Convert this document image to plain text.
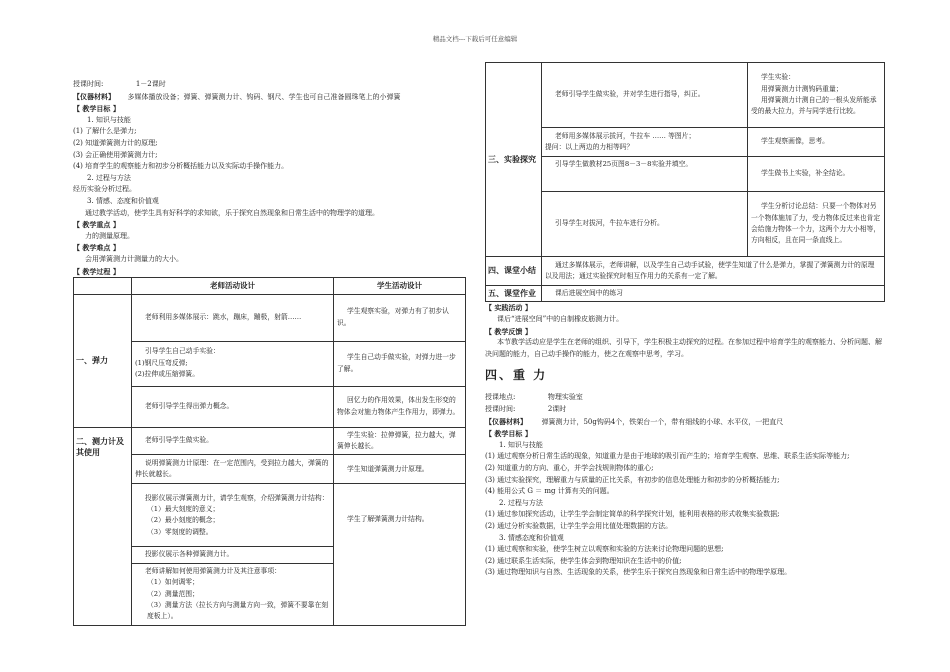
精品文档---下载后可任意编辑
授课时间:	1－2课时
【仪器材料】 多媒体播放设备；弹簧、弹簧测力计、钩码、钢尺、学生也可自己准备圆珠笔上的小弹簧
【 教学目标 】
1. 知识与技能
(1) 了解什么是弹力;
(2) 知道弹簧测力计的原理;
(3) 会正确使用弹簧测力计;
(4) 培育学生的观察能力和初步分析概括能力以及实际动手操作能力。
2. 过程与方法
经历实验分析过程。
3. 情感、态度和价值观
通过教学活动，使学生具有好科学的求知欲，乐于探究自然现象和日常生活中的物理学的道理。
【 教学重点 】
力的测量原理。
【 教学难点 】
会用弹簧测力计测量力的大小。
【 教学过程 】
	老师活动设计	学生活动设计
一、弹力	老师利用多媒体展示：跳水，蹦床，蹦极，射箭……	学生观察实验，对弹力有了初步认识。

	引导学生自己动手实验：
(1)钢尺压弯反弹;
(2)拉伸或压缩弹簧。	学生自己动手做实验，对弹力进一步了解。
	老师引导学生得出弹力概念。	回忆力的作用效果，体出发生形变的物体会对施力物体产生作用力，即弹力。
二、测力计及其使用	老师引导学生做实验。	学生实验：拉伸弹簧，拉力越大，弹簧伸长越长。
	说明弹簧测力计原理：在一定范围内，受到拉力越大，弹簧的伸长就越长。	学生知道弹簧测力计原理。

	投影仪展示弹簧测力计，请学生观察，介绍弹簧测力计结构：
（1）最大刻度的意义；
（2）最小刻度的概念；
（3）零刻度的调整。	学生了解弹簧测力计结构。
	投影仪展示各种弹簧测力计。	

	老师讲解如何使用弹簧测力计及其注意事项：
（1）如何调零；
（2）测量范围；
（3）测量方法（拉长方向与测量方向一致，弹簧不要靠在刻度板上）。	
三、实验探究	老师引导学生做实验，并对学生进行指导，纠正。	学生实验：
用弹簧测力计测钩码重量；
用弹簧测力计测自己的一根头发所能承受的最大拉力，并与同学进行比较。

	老师用多媒体展示拔河，牛拉车 …… 等图片；
提问：以上两边的力相等吗？	学生观察画像，思考。
	引导学生做教材25页图8－3－8实验并填空。	学生做书上实验，补全结论。
	引导学生对拔河，牛拉车进行分析。	学生分析讨论总结：只要一个物体对另一个物体施加了力，受力物体反过来也肯定会给施力物体一个力，这两个力大小相等，方向相反，且在同一条直线上。
四、课堂小结	通过多媒体展示，老师讲解，以及学生自己动手试验，使学生知道了什么是弹力，掌握了弹簧测力计的原理以及用法；通过实验探究时相互作用力的关系有一定了解。	
五、课堂作业	课后进展空间中的练习	
【 实践活动 】
课后“进展空间”中的自制橡皮筋测力计。
【 教学反馈 】
本节教学活动应是学生在老师的组织、引导下，学生积极主动探究的过程。在参加过程中培育学生的观察能力、分析问题、解决问题的能力，自己动手操作的能力，使之在观察中思考，学习。
四、重 力
授课地点:	物理实验室
授课时间:	2课时
【仪器材料】 弹簧测力计，50g钩码4个，铁架台一个，带有细线的小球、水平仪，一把直尺
【 教学目标 】
1. 知识与技能
(1) 通过观察分析日常生活的现象，知道重力是由于地球的吸引而产生的；培育学生观察、思维、联系生活实际等能力;
(2) 知道重力的方向、重心，并学会找规则物体的重心;
(3) 通过实验探究，理解重力与质量的正比关系，有初步的信息处理能力和初步的分析概括能力;
(4) 能用公式 G ＝ mg 计算有关的问题。
2. 过程与方法
(1) 通过参加探究活动，让学生学会制定简单的科学探究计划，能利用表格的形式收集实验数据;
(2) 通过分析实验数据，让学生学会用比值处理数据的方法。
3. 情感态度和价值观
(1) 通过观察和实验，使学生树立以观察和实验的方法来讨论物理问题的思想;
(2) 通过联系生活实际，使学生体会到物理知识在生活中的价值;
(3) 通过物理知识与自然、生活现象的关系，使学生乐于探究自然现象和日常生活中的物理学原理。
